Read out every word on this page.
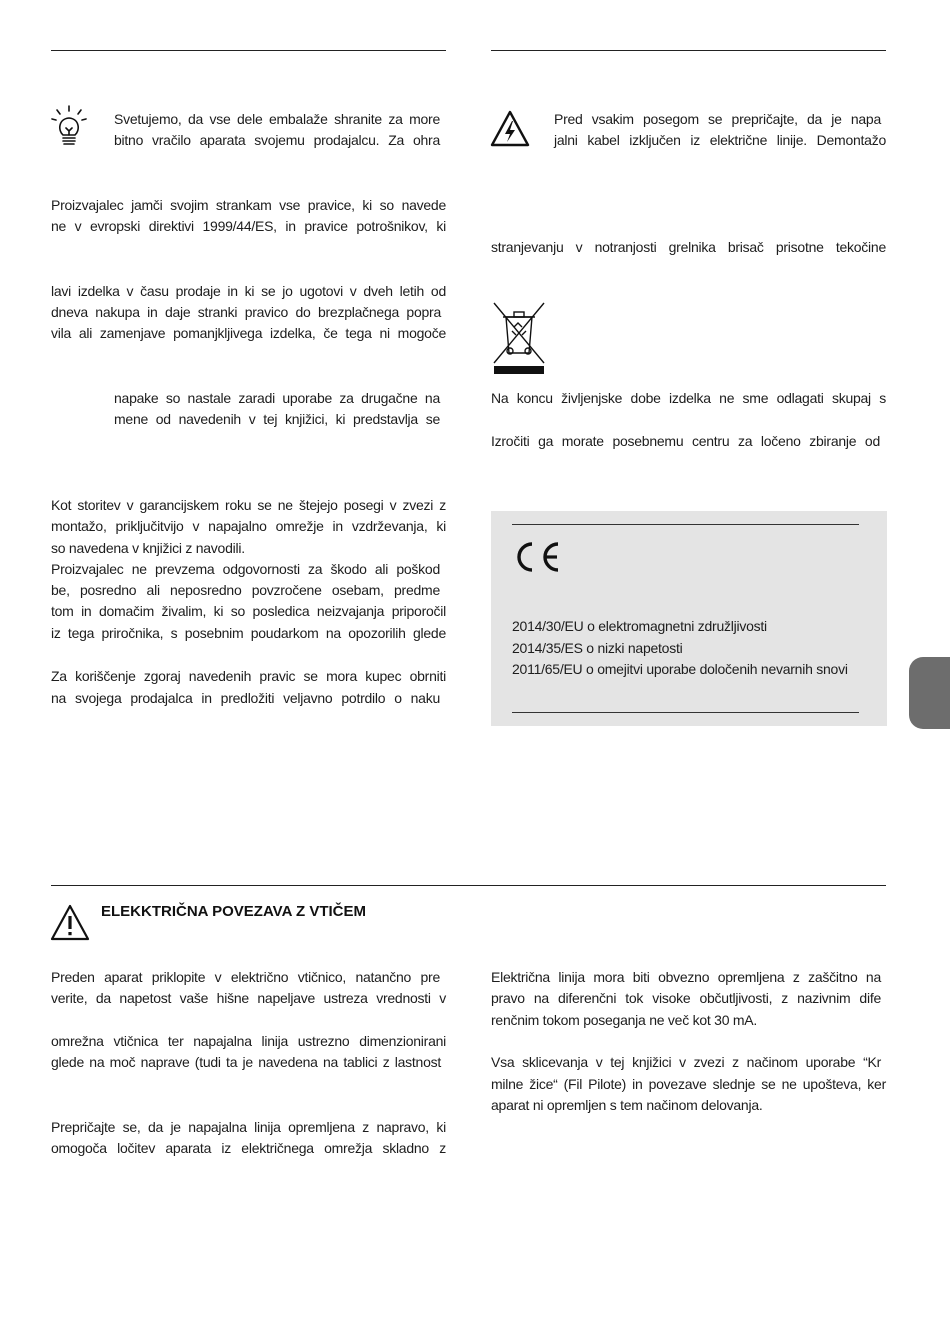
Svetujemo, da vse dele embalaže shranite za more
bitno vračilo aparata svojemu prodajalcu. Za ohra
Proizvajalec jamči svojim strankam vse pravice, ki so navede
ne v evropski direktivi 1999/44/ES, in pravice potrošnikov, ki
lavi izdelka v času prodaje in ki se jo ugotovi v dveh letih od
dneva nakupa in daje stranki pravico do brezplačnega popra
vila ali zamenjave pomanjkljivega izdelka, če tega ni mogoče
napake so nastale zaradi uporabe za drugačne na
mene od navedenih v tej knjižici, ki predstavlja se
Kot storitev v garancijskem roku se ne štejejo posegi v zvezi z
montažo, priključitvijo v napajalno omrežje in vzdrževanja, ki
so navedena v knjižici z navodili.
Proizvajalec ne prevzema odgovornosti za škodo ali poškod
be, posredno ali neposredno povzročene osebam, predme
tom in domačim živalim, ki so posledica neizvajanja priporočil
iz tega priročnika, s posebnim poudarkom na opozorilih glede
Za koriščenje zgoraj navedenih pravic se mora kupec obrniti
na svojega prodajalca in predložiti veljavno potrdilo o naku
Pred vsakim posegom se prepričajte, da je napa
jalni kabel izklјučen iz električne linije. Demontažo
stranjevanju v notranjosti grelnika brisač prisotne tekočine
Na koncu življenjske dobe izdelka ne sme odlagati skupaj s
Izročiti ga morate posebnemu centru za ločeno zbiranje od
2014/30/EU o elektromagnetni združljivosti
2014/35/ES o nizki napetosti
2011/65/EU o omejitvi uporabe določenih nevarnih snovi
ELEKKTRIČNA POVEZAVA Z VTIČEM
Preden aparat priklopite v električno vtičnico, natančno pre
verite, da napetost vaše hišne napeljave ustreza vrednosti v
omrežna vtičnica ter napajalna linija ustrezno dimenzionirani
glede na moč naprave (tudi ta je navedena na tablici z lastnost
Prepričajte se, da je napajalna linija opremljena z napravo, ki
omogoča ločitev aparata iz električnega omrežja skladno z
Električna linija mora biti obvezno opremljena z zaščitno na
pravo na diferenčni tok visoke občutljivosti, z nazivnim dife
renčnim tokom poseganja ne več kot 30 mA.
Vsa sklicevanja v tej knjižici v zvezi z načinom uporabe “Kr
milne žice“ (Fil Pilote) in povezave slednje se ne upošteva, ker
aparat ni opremljen s tem načinom delovanja.
